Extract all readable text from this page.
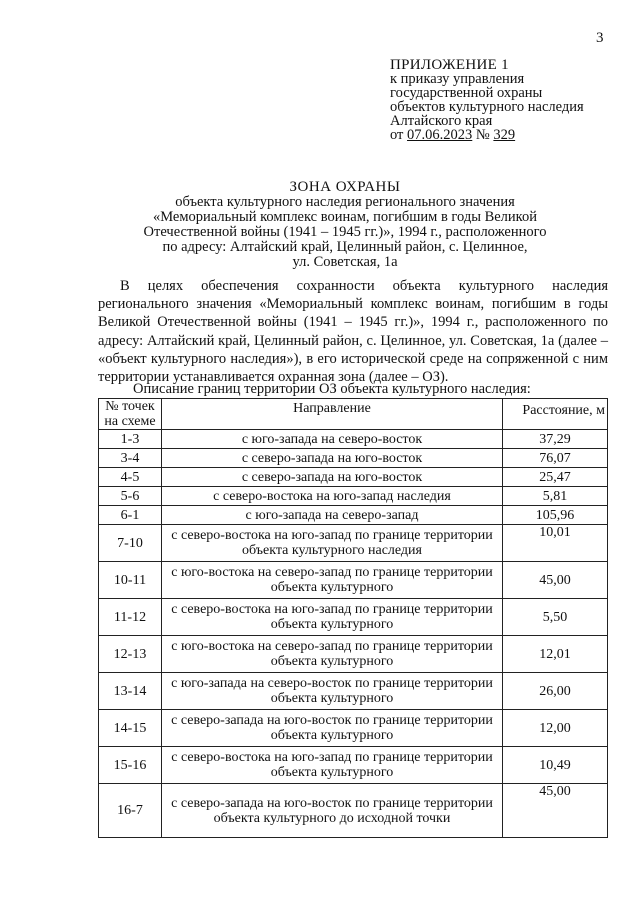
3
ПРИЛОЖЕНИЕ 1
к приказу управления
государственной охраны
объектов культурного наследия
Алтайского края
от 07.06.2023 № 329
ЗОНА ОХРАНЫ
объекта культурного наследия регионального значения
«Мемориальный комплекс воинам, погибшим в годы Великой
Отечественной войны (1941 – 1945 гг.)», 1994 г., расположенного
по адресу: Алтайский край, Целинный район, с. Целинное,
ул. Советская, 1а

В целях обеспечения сохранности объекта культурного наследия регионального значения «Мемориальный комплекс воинам, погибшим в годы Великой Отечественной войны (1941 – 1945 гг.)», 1994 г., расположенного по адресу: Алтайский край, Целинный район, с. Целинное, ул. Советская, 1а (далее – «объект культурного наследия»), в его исторической среде на сопряженной с ним территории устанавливается охранная зона (далее – ОЗ).

Описание границ территории ОЗ объекта культурного наследия:
№ точек на схеме	Направление	Расстояние, м
1-3	с юго-запада на северо-восток	37,29
3-4	с северо-запада на юго-восток	76,07
4-5	с северо-запада на юго-восток	25,47
5-6	с северо-востока на юго-запад наследия	5,81
6-1	с юго-запада на северо-запад	105,96
7-10	с северо-востока на юго-запад по границе территории объекта культурного наследия	10,01
10-11	с юго-востока на северо-запад по границе территории объекта культурного	45,00
11-12	с северо-востока на юго-запад по границе территории объекта культурного	5,50
12-13	с юго-востока на северо-запад по границе территории объекта культурного	12,01
13-14	с юго-запада на северо-восток по границе территории объекта культурного	26,00
14-15	с северо-запада на юго-восток по границе территории объекта культурного	12,00
15-16	с северо-востока на юго-запад по границе территории объекта культурного	10,49
16-7	с северо-запада на юго-восток по границе территории объекта культурного до исходной точки	45,00
